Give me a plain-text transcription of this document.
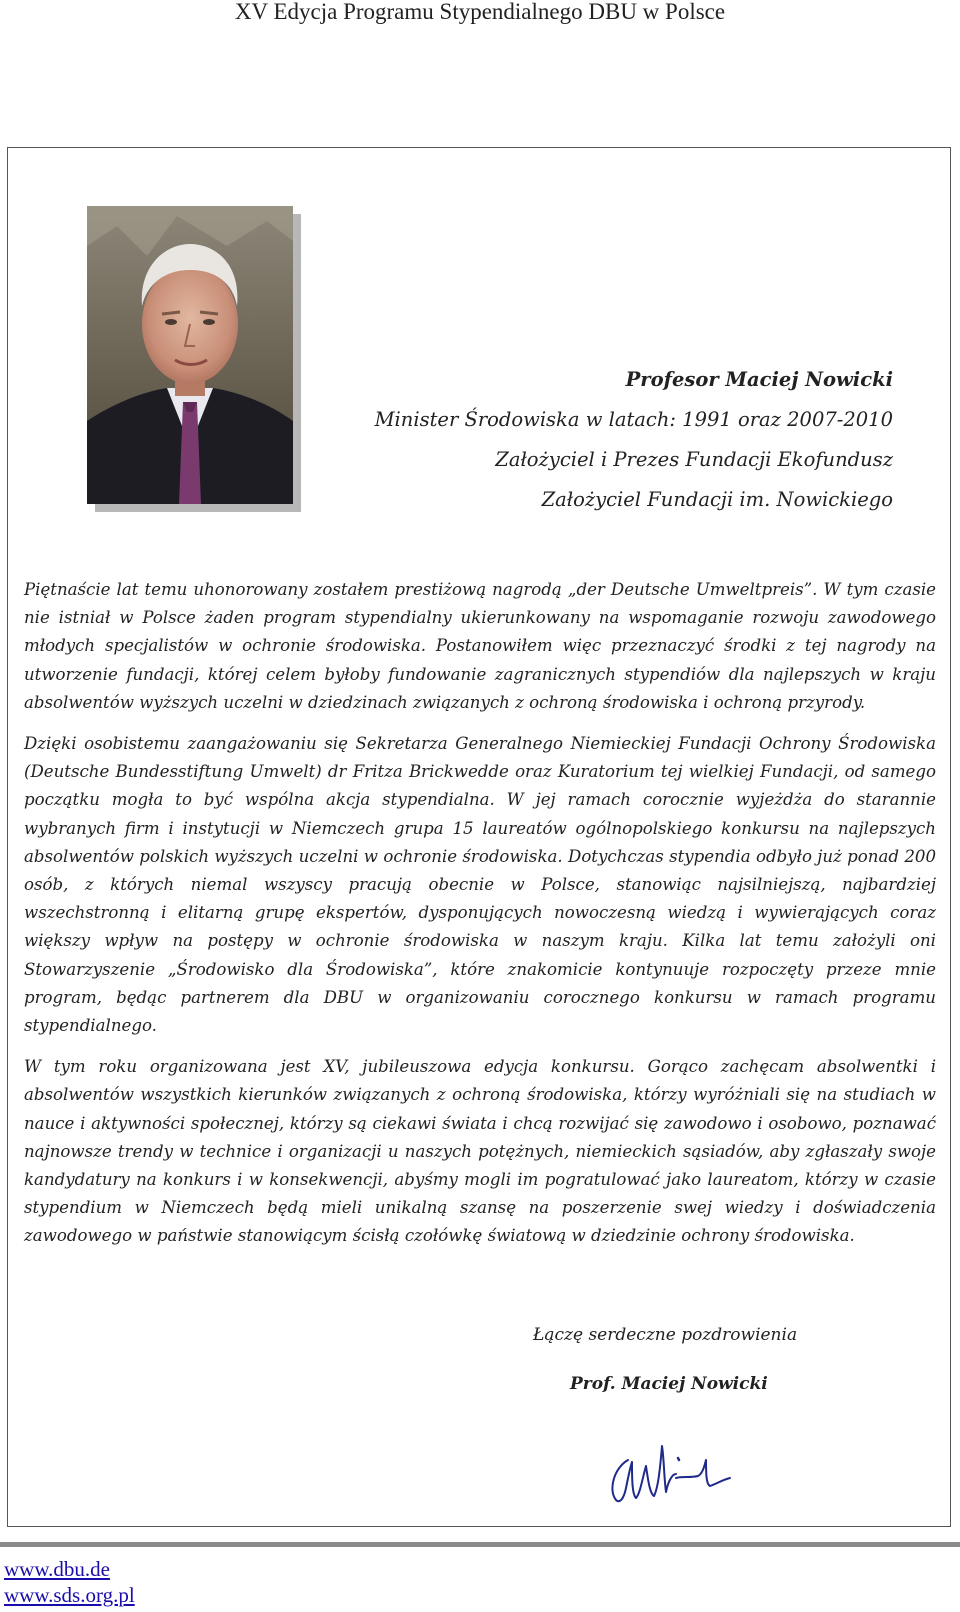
XV Edycja Programu Stypendialnego DBU w Polsce
Profesor Maciej Nowicki
Minister Środowiska w latach: 1991 oraz 2007-2010
Założyciel i Prezes Fundacji Ekofundusz
Założyciel Fundacji im. Nowickiego

Piętnaście lat temu uhonorowany zostałem prestiżową nagrodą „der Deutsche Umweltpreis”. W tym czasie nie istniał w Polsce żaden program stypendialny ukierunkowany na wspomaganie rozwoju zawodowego młodych specjalistów w ochronie środowiska. Postanowiłem więc przeznaczyć środki z tej nagrody na utworzenie fundacji, której celem byłoby fundowanie zagranicznych stypendiów dla najlepszych w kraju absolwentów wyższych uczelni w dziedzinach związanych z ochroną środowiska i ochroną przyrody.

Dzięki osobistemu zaangażowaniu się Sekretarza Generalnego Niemieckiej Fundacji Ochrony Środowiska (Deutsche Bundesstiftung Umwelt) dr Fritza Brickwedde oraz Kuratorium tej wielkiej Fundacji, od samego początku mogła to być wspólna akcja stypendialna. W jej ramach corocznie wyjeżdża do starannie wybranych firm i instytucji w Niemczech grupa 15 laureatów ogólnopolskiego konkursu na najlepszych absolwentów polskich wyższych uczelni w ochronie środowiska. Dotychczas stypendia odbyło już ponad 200 osób, z których niemal wszyscy pracują obecnie w Polsce, stanowiąc najsilniejszą, najbardziej wszechstronną i elitarną grupę ekspertów, dysponujących nowoczesną wiedzą i wywierających coraz większy wpływ na postępy w ochronie środowiska w naszym kraju. Kilka lat temu założyli oni Stowarzyszenie „Środowisko dla Środowiska”, które znakomicie kontynuuje rozpoczęty przeze mnie program, będąc partnerem dla DBU w organizowaniu corocznego konkursu w ramach programu stypendialnego.

W tym roku organizowana jest XV, jubileuszowa edycja konkursu. Gorąco zachęcam absolwentki i absolwentów wszystkich kierunków związanych z ochroną środowiska, którzy wyróżniali się na studiach w nauce i aktywności społecznej, którzy są ciekawi świata i chcą rozwijać się zawodowo i osobowo, poznawać najnowsze trendy w technice i organizacji u naszych potężnych, niemieckich sąsiadów, aby zgłaszały swoje kandydatury na konkurs i w konsekwencji, abyśmy mogli im pogratulować jako laureatom, którzy w czasie stypendium w Niemczech będą mieli unikalną szansę na poszerzenie swej wiedzy i doświadczenia zawodowego w państwie stanowiącym ścisłą czołówkę światową w dziedzinie ochrony środowiska.

Łączę serdeczne pozdrowienia
Prof. Maciej Nowicki
www.dbu.de
www.sds.org.pl
